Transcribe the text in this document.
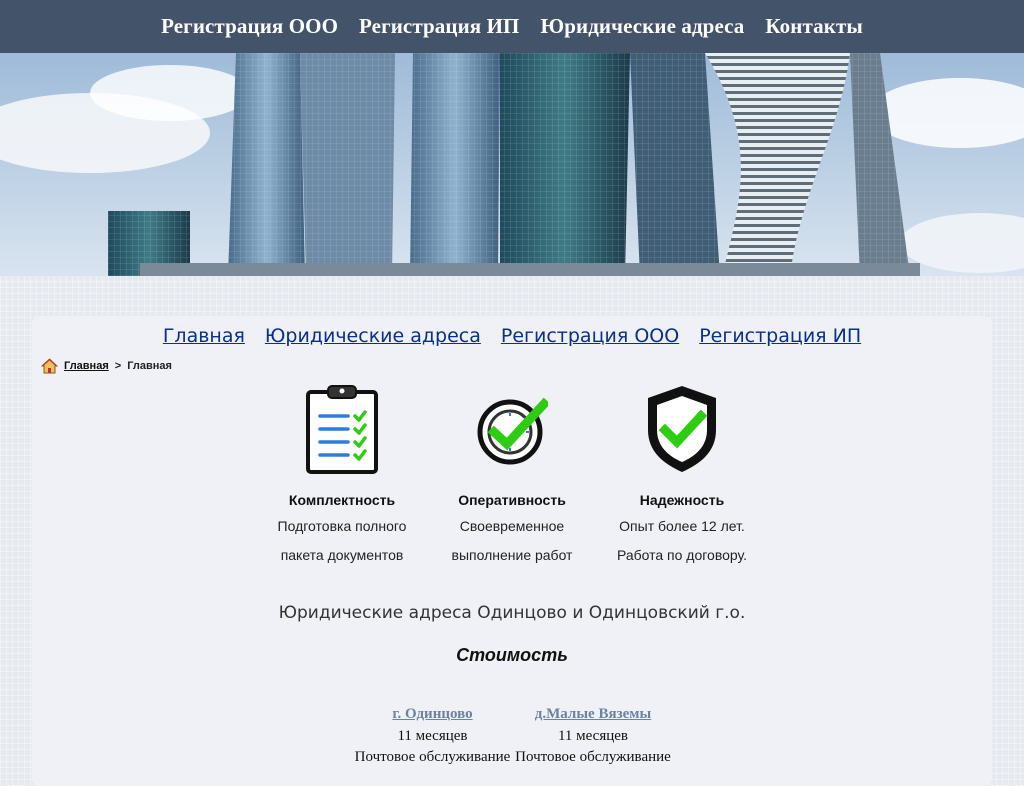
Регистрация ООО Регистрация ИП Юридические адреса Контакты
Главная Юридические адреса Регистрация ООО Регистрация ИП
Главная > Главная
Комплектность
Подготовка полного
пакета документов
Оперативность
Своевременное
выполнение работ
Надежность
Опыт более 12 лет.
Работа по договору.
Юридические адреса Одинцово и Одинцовский г.о.
Стоимость
г. Одинцово
11 месяцев
Почтовое обслуживание
д.Малые Вяземы
11 месяцев
Почтовое обслуживание
